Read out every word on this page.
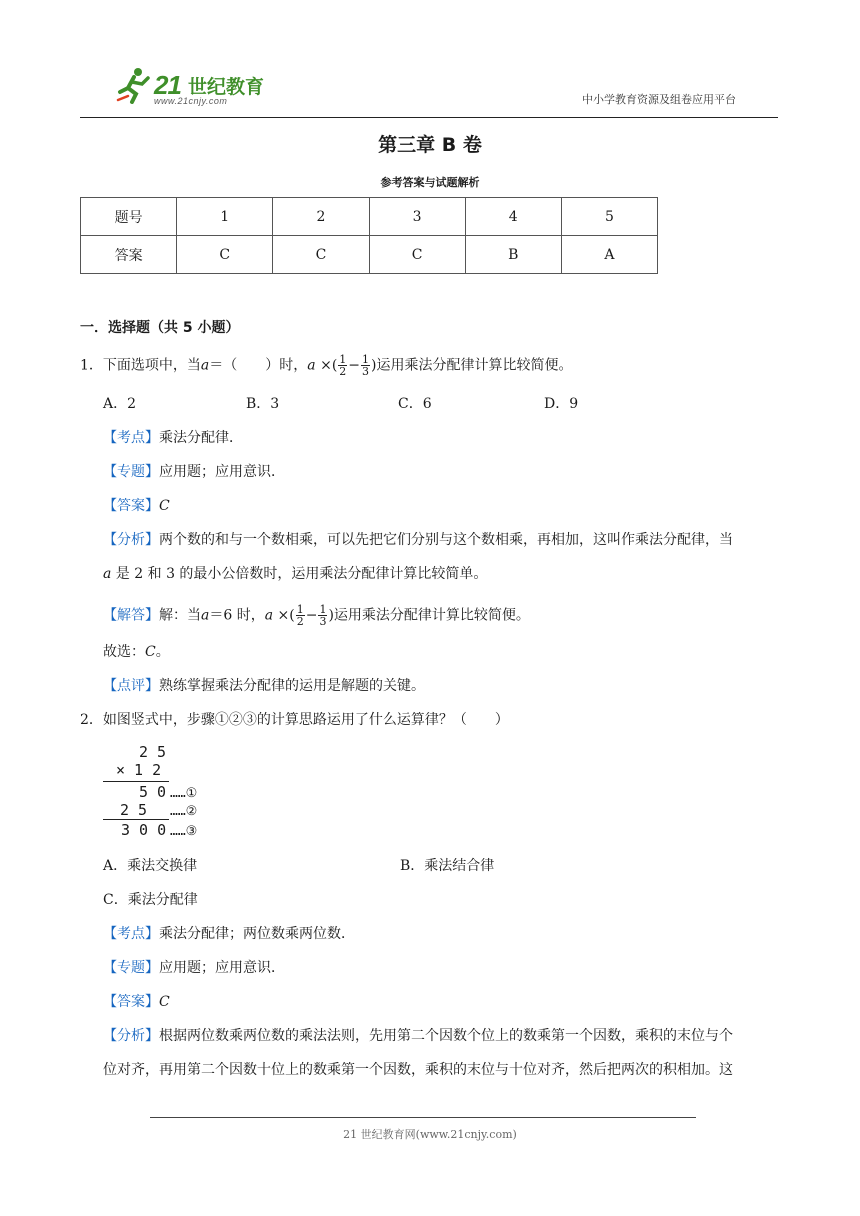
21 世纪教育
www.21cnjy.com	中小学教育资源及组卷应用平台
第三章 B 卷
参考答案与试题解析
题号	1	2	3	4	5
答案	C	C	C	B	A
一．选择题（共 5 小题）
1．下面选项中，当a＝（　　）时，a ×( $\frac{1}{2} - \frac{1}{3}$ )运用乘法分配律计算比较简便。
A．2	B．3	C．6	D．9
【考点】乘法分配律．
【专题】应用题；应用意识．
【答案】C
【分析】两个数的和与一个数相乘，可以先把它们分别与这个数相乘，再相加，这叫作乘法分配律，当
a 是 2 和 3 的最小公倍数时，运用乘法分配律计算比较简单。
【解答】解：当a＝6 时，a ×( $\frac{1}{2} - \frac{1}{3}$ )运用乘法分配律计算比较简便。
故选：C。
【点评】熟练掌握乘法分配律的运用是解题的关键。
2．如图竖式中，步骤①②③的计算思路运用了什么运算律？（　　）
2 5
× 1 2
5 0 ……①
2 5 ……②
3 0 0 ……③
A．乘法交换律	B．乘法结合律
C．乘法分配律
【考点】乘法分配律；两位数乘两位数．
【专题】应用题；应用意识．
【答案】C
【分析】根据两位数乘两位数的乘法法则，先用第二个因数个位上的数乘第一个因数，乘积的末位与个
位对齐，再用第二个因数十位上的数乘第一个因数，乘积的末位与十位对齐，然后把两次的积相加。这
21 世纪教育网(www.21cnjy.com)
